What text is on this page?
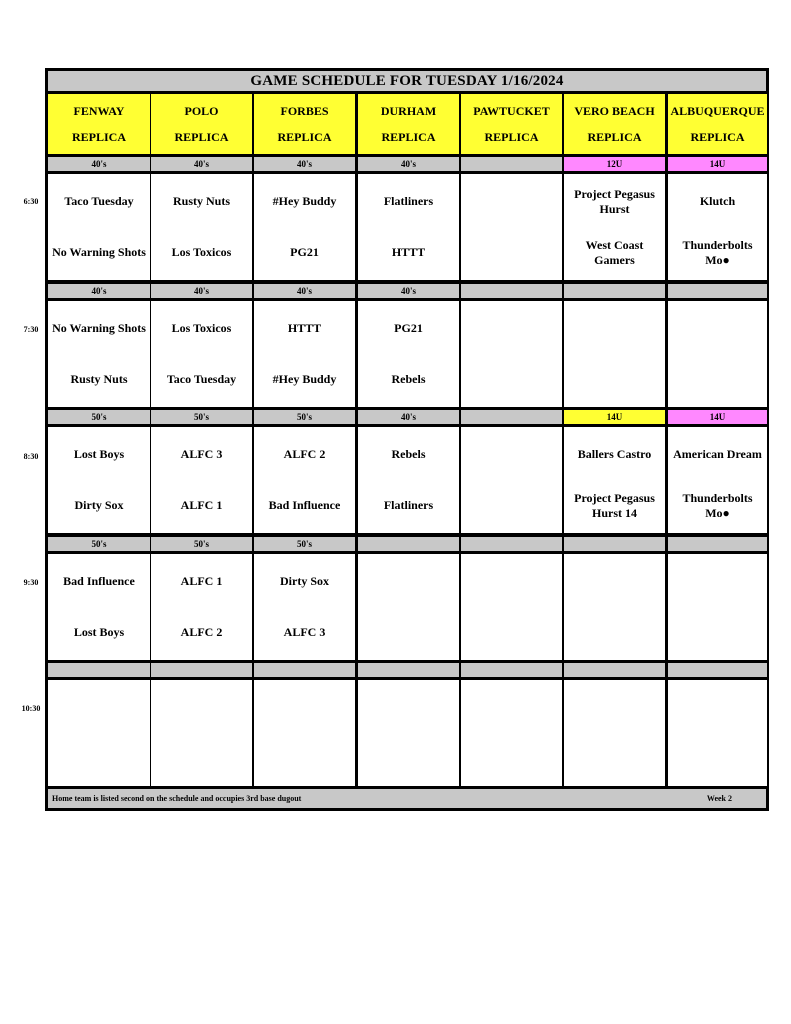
GAME SCHEDULE FOR TUESDAY 1/16/2024
Home team is listed second on the schedule and occupies 3rd base dugout	Week 2
FENWAY
REPLICA
POLO
REPLICA
FORBES
REPLICA
DURHAM
REPLICA
PAWTUCKET
REPLICA
VERO BEACH
REPLICA
ALBUQUERQUE
REPLICA
40's
Taco Tuesday
No Warning Shots
40's
Rusty Nuts
Los Toxicos
40's
#Hey Buddy
PG21
40's
Flatliners
HTTT
12U
Project Pegasus Hurst
West Coast Gamers
14U
Klutch
Thunderbolts Mo●
40's
No Warning Shots
Rusty Nuts
40's
Los Toxicos
Taco Tuesday
40's
HTTT
#Hey Buddy
40's
PG21
Rebels
50's
Lost Boys
Dirty Sox
50's
ALFC 3
ALFC 1
50's
ALFC 2
Bad Influence
40's
Rebels
Flatliners
14U
Ballers Castro
Project Pegasus Hurst 14
14U
American Dream
Thunderbolts Mo●
50's
Bad Influence
Lost Boys
50's
ALFC 1
ALFC 2
50's
Dirty Sox
ALFC 3
6:30
7:30
8:30
9:30
10:30
